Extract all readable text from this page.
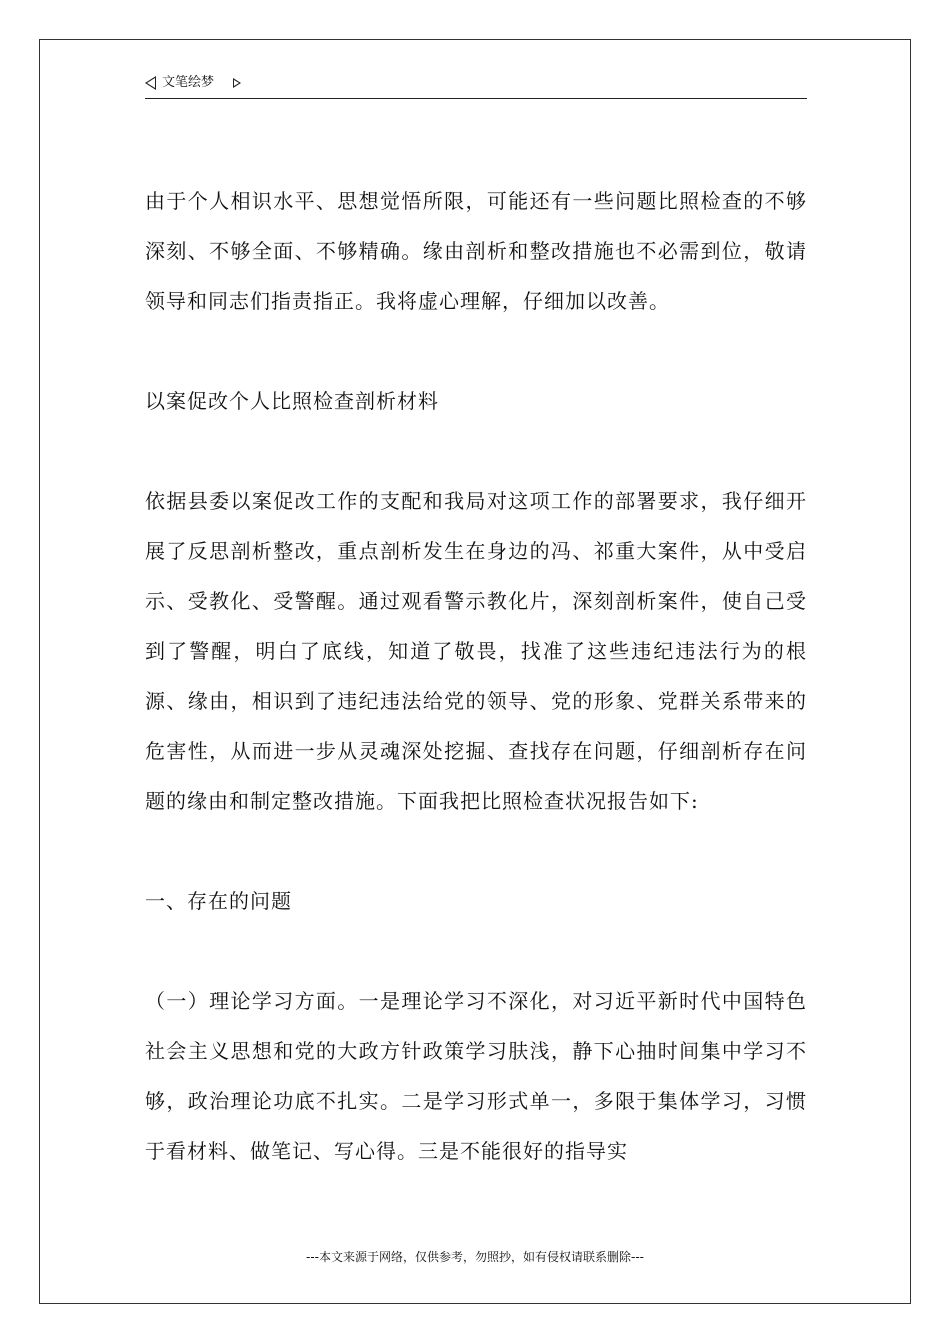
文笔绘梦

由于个人相识水平、思想觉悟所限，可能还有一些问题比照检查的不够深刻、不够全面、不够精确。缘由剖析和整改措施也不必需到位，敬请领导和同志们指责指正。我将虚心理解，仔细加以改善。

以案促改个人比照检查剖析材料

依据县委以案促改工作的支配和我局对这项工作的部署要求，我仔细开展了反思剖析整改，重点剖析发生在身边的冯、祁重大案件，从中受启示、受教化、受警醒。通过观看警示教化片，深刻剖析案件，使自己受到了警醒，明白了底线，知道了敬畏，找准了这些违纪违法行为的根源、缘由，相识到了违纪违法给党的领导、党的形象、党群关系带来的危害性，从而进一步从灵魂深处挖掘、查找存在问题，仔细剖析存在问题的缘由和制定整改措施。下面我把比照检查状况报告如下:

一、存在的问题

（一）理论学习方面。一是理论学习不深化，对习近平新时代中国特色社会主义思想和党的大政方针政策学习肤浅，静下心抽时间集中学习不够，政治理论功底不扎实。二是学习形式单一，多限于集体学习，习惯于看材料、做笔记、写心得。三是不能很好的指导实

---本文来源于网络，仅供参考，勿照抄，如有侵权请联系删除---
